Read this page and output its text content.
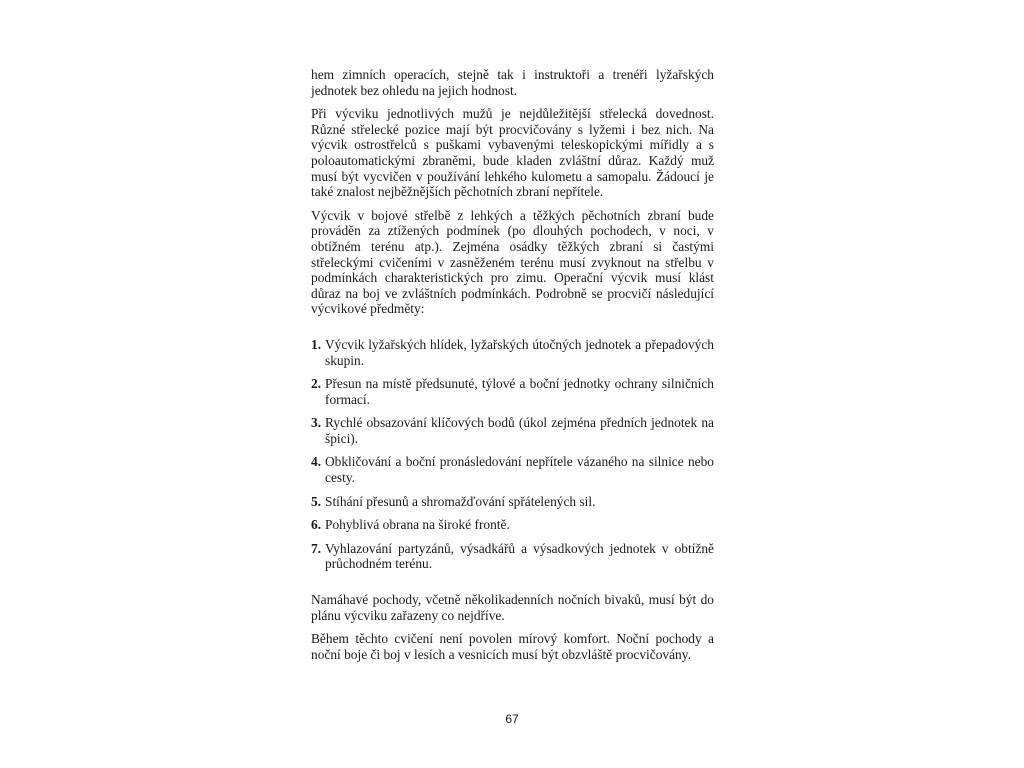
hem zimních operacích, stejně tak i instruktoři a trenéři lyžařských jednotek bez ohledu na jejich hodnost.

Při výcviku jednotlivých mužů je nejdůležitější střelecká dovednost. Různé střelecké pozice mají být procvičovány s lyžemi i bez nich. Na výcvik ostrostřelců s puškami vybavenými teleskopickými mířidly a s poloautomatickými zbraněmi, bude kladen zvláštní důraz. Každý muž musí být vycvičen v používání lehkého kulometu a samopalu. Žádoucí je také znalost nejběžnějších pěchotních zbraní nepřítele.

Výcvik v bojové střelbě z lehkých a těžkých pěchotních zbraní bude prováděn za ztížených podmínek (po dlouhých pochodech, v noci, v obtížném terénu atp.). Zejména osádky těžkých zbraní si častými střeleckými cvičeními v zasněženém terénu musí zvyknout na střelbu v podmínkách charakteristických pro zimu. Operační výcvik musí klást důraz na boj ve zvláštních podmínkách. Podrobně se procvičí následující výcvikové předměty:

1. Výcvik lyžařských hlídek, lyžařských útočných jednotek a přepadových skupin.
2. Přesun na místě předsunuté, týlové a boční jednotky ochrany silničních formací.
3. Rychlé obsazování klíčových bodů (úkol zejména předních jednotek na špici).
4. Obkličování a boční pronásledování nepřítele vázaného na silnice nebo cesty.
5. Stíhání přesunů a shromažďování spřátelených sil.
6. Pohyblivá obrana na široké frontě.
7. Vyhlazování partyzánů, výsadkářů a výsadkových jednotek v obtížně průchodném terénu.

Namáhavé pochody, včetně několikadenních nočních bivaků, musí být do plánu výcviku zařazeny co nejdříve.

Během těchto cvičení není povolen mírový komfort. Noční pochody a noční boje či boj v lesích a vesnicích musí být obzvláště procvičovány.

67
